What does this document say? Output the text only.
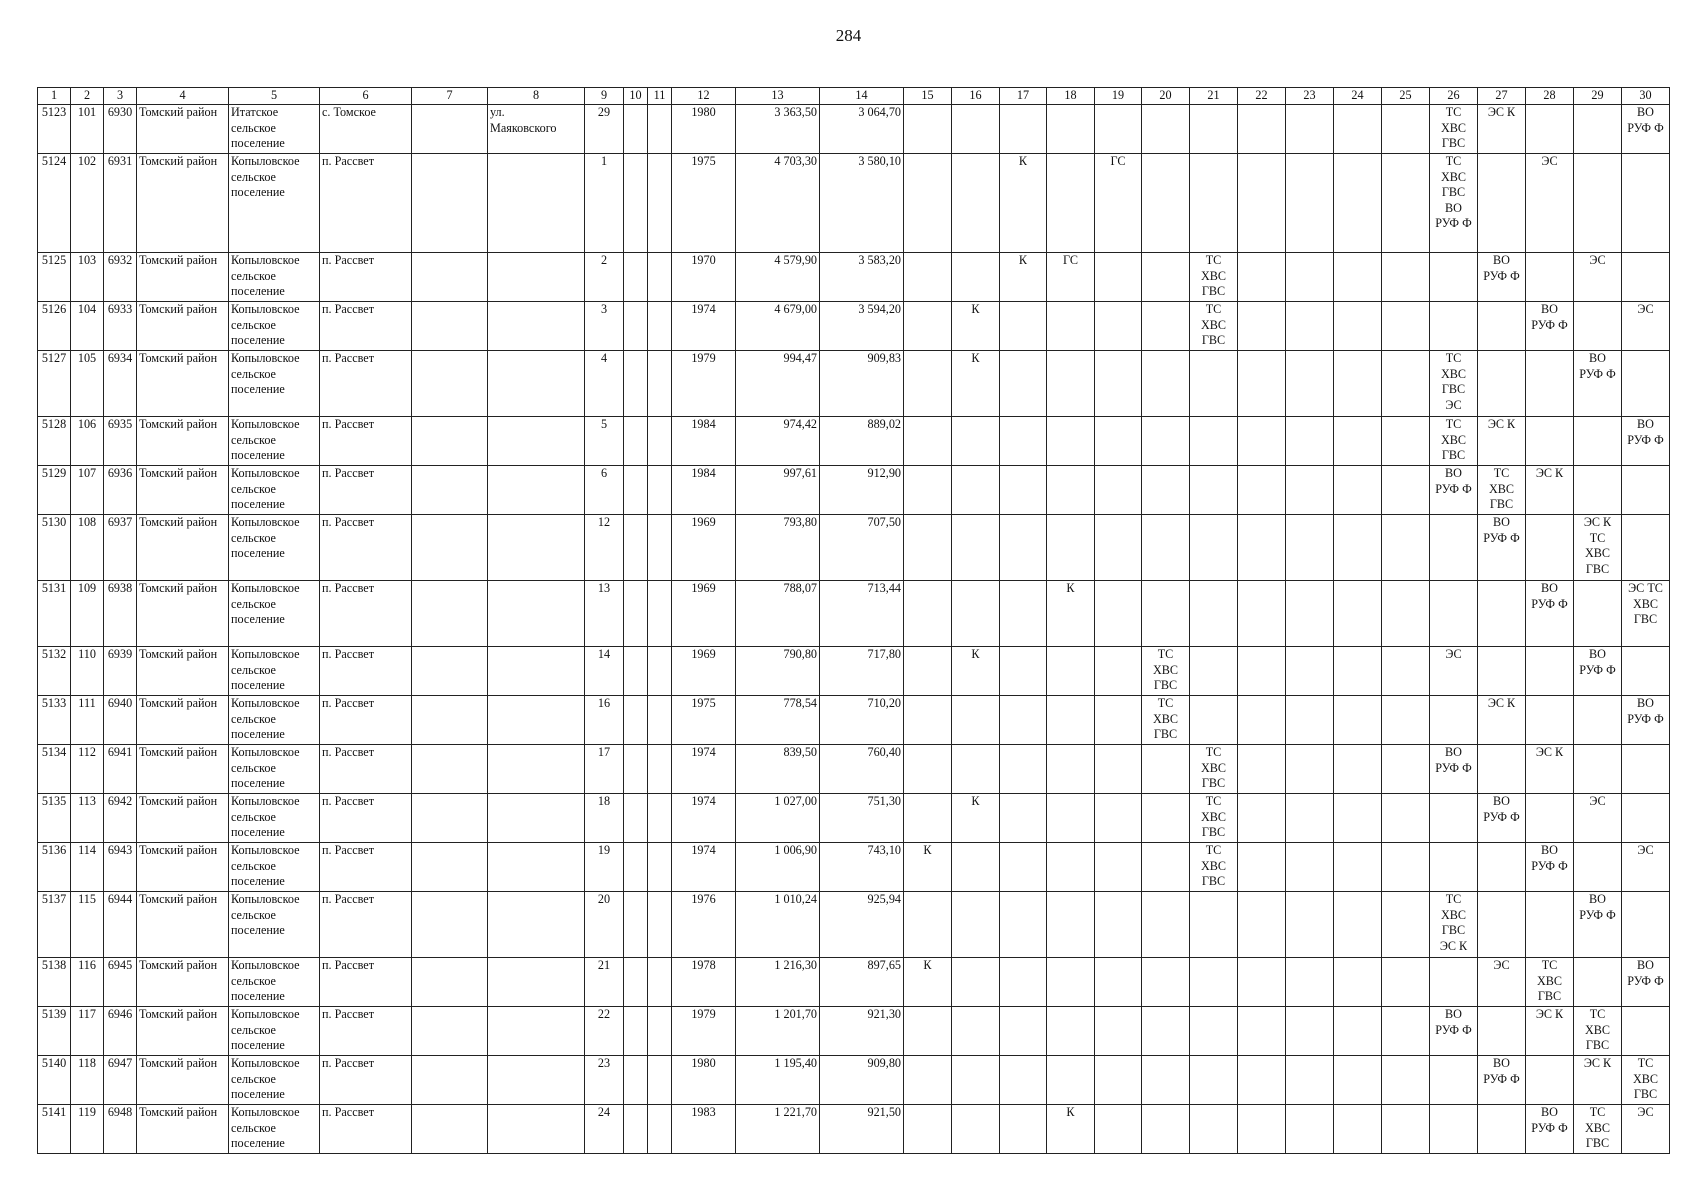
284
1	2	3	4	5	6	7	8	9	10	11	12	13	14	15	16	17	18	19	20	21	22	23	24	25	26	27	28	29	30
5123	101	6930	Томский район	Итатское
сельское
поселение	с. Томское		ул.
Маяковского	29			1980	3 363,50	3 064,70												ТС
ХВС
ГВС	ЭС К			ВО
РУФ Ф
5124	102	6931	Томский район	Копыловское
сельское
поселение	п. Рассвет			1			1975	4 703,30	3 580,10			К		ГС							ТС
ХВС
ГВС
ВО
РУФ Ф		ЭС		
5125	103	6932	Томский район	Копыловское
сельское
поселение	п. Рассвет			2			1970	4 579,90	3 583,20			К	ГС			ТС
ХВС
ГВС						ВО
РУФ Ф		ЭС	
5126	104	6933	Томский район	Копыловское
сельское
поселение	п. Рассвет			3			1974	4 679,00	3 594,20		К					ТС
ХВС
ГВС							ВО
РУФ Ф		ЭС
5127	105	6934	Томский район	Копыловское
сельское
поселение	п. Рассвет			4			1979	994,47	909,83		К										ТС
ХВС
ГВС
ЭС			ВО
РУФ Ф	
5128	106	6935	Томский район	Копыловское
сельское
поселение	п. Рассвет			5			1984	974,42	889,02												ТС
ХВС
ГВС	ЭС К			ВО
РУФ Ф
5129	107	6936	Томский район	Копыловское
сельское
поселение	п. Рассвет			6			1984	997,61	912,90												ВО
РУФ Ф	ТС
ХВС
ГВС	ЭС К		
5130	108	6937	Томский район	Копыловское
сельское
поселение	п. Рассвет			12			1969	793,80	707,50													ВО
РУФ Ф		ЭС К
ТС
ХВС
ГВС	
5131	109	6938	Томский район	Копыловское
сельское
поселение	п. Рассвет			13			1969	788,07	713,44				К										ВО
РУФ Ф		ЭС ТС
ХВС
ГВС
5132	110	6939	Томский район	Копыловское
сельское
поселение	п. Рассвет			14			1969	790,80	717,80		К				ТС
ХВС
ГВС						ЭС			ВО
РУФ Ф	
5133	111	6940	Томский район	Копыловское
сельское
поселение	п. Рассвет			16			1975	778,54	710,20						ТС
ХВС
ГВС							ЭС К			ВО
РУФ Ф
5134	112	6941	Томский район	Копыловское
сельское
поселение	п. Рассвет			17			1974	839,50	760,40							ТС
ХВС
ГВС					ВО
РУФ Ф		ЭС К		
5135	113	6942	Томский район	Копыловское
сельское
поселение	п. Рассвет			18			1974	1 027,00	751,30		К					ТС
ХВС
ГВС						ВО
РУФ Ф		ЭС	
5136	114	6943	Томский район	Копыловское
сельское
поселение	п. Рассвет			19			1974	1 006,90	743,10	К						ТС
ХВС
ГВС							ВО
РУФ Ф		ЭС
5137	115	6944	Томский район	Копыловское
сельское
поселение	п. Рассвет			20			1976	1 010,24	925,94												ТС
ХВС
ГВС
ЭС К			ВО
РУФ Ф	
5138	116	6945	Томский район	Копыловское
сельское
поселение	п. Рассвет			21			1978	1 216,30	897,65	К												ЭС	ТС
ХВС
ГВС		ВО
РУФ Ф
5139	117	6946	Томский район	Копыловское
сельское
поселение	п. Рассвет			22			1979	1 201,70	921,30												ВО
РУФ Ф		ЭС К	ТС
ХВС
ГВС	
5140	118	6947	Томский район	Копыловское
сельское
поселение	п. Рассвет			23			1980	1 195,40	909,80													ВО
РУФ Ф		ЭС К	ТС
ХВС
ГВС
5141	119	6948	Томский район	Копыловское
сельское
поселение	п. Рассвет			24			1983	1 221,70	921,50				К										ВО
РУФ Ф	ТС
ХВС
ГВС	ЭС
